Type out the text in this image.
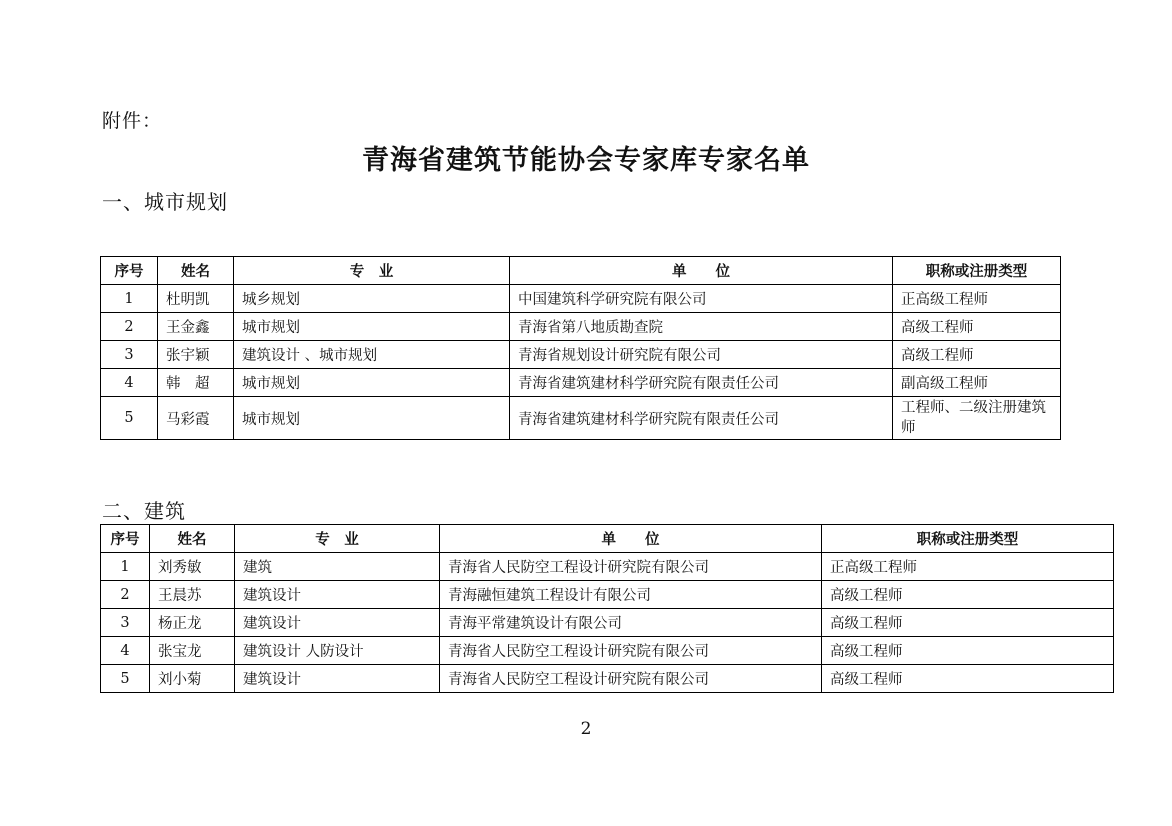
附件：
青海省建筑节能协会专家库专家名单
一、城市规划
序号	姓名	专　业	单　　位	职称或注册类型
1	杜明凯	城乡规划	中国建筑科学研究院有限公司	正高级工程师
2	王金鑫	城市规划	青海省第八地质勘查院	高级工程师
3	张宇颖	建筑设计 、城市规划	青海省规划设计研究院有限公司	高级工程师
4	韩　超	城市规划	青海省建筑建材科学研究院有限责任公司	副高级工程师
5	马彩霞	城市规划	青海省建筑建材科学研究院有限责任公司	工程师、二级注册建筑师
二、建筑
序号	姓名	专　业	单　　位	职称或注册类型
1	刘秀敏	建筑	青海省人民防空工程设计研究院有限公司	正高级工程师
2	王晨苏	建筑设计	青海融恒建筑工程设计有限公司	高级工程师
3	杨正龙	建筑设计	青海平常建筑设计有限公司	高级工程师
4	张宝龙	建筑设计 人防设计	青海省人民防空工程设计研究院有限公司	高级工程师
5	刘小菊	建筑设计	青海省人民防空工程设计研究院有限公司	高级工程师
2
